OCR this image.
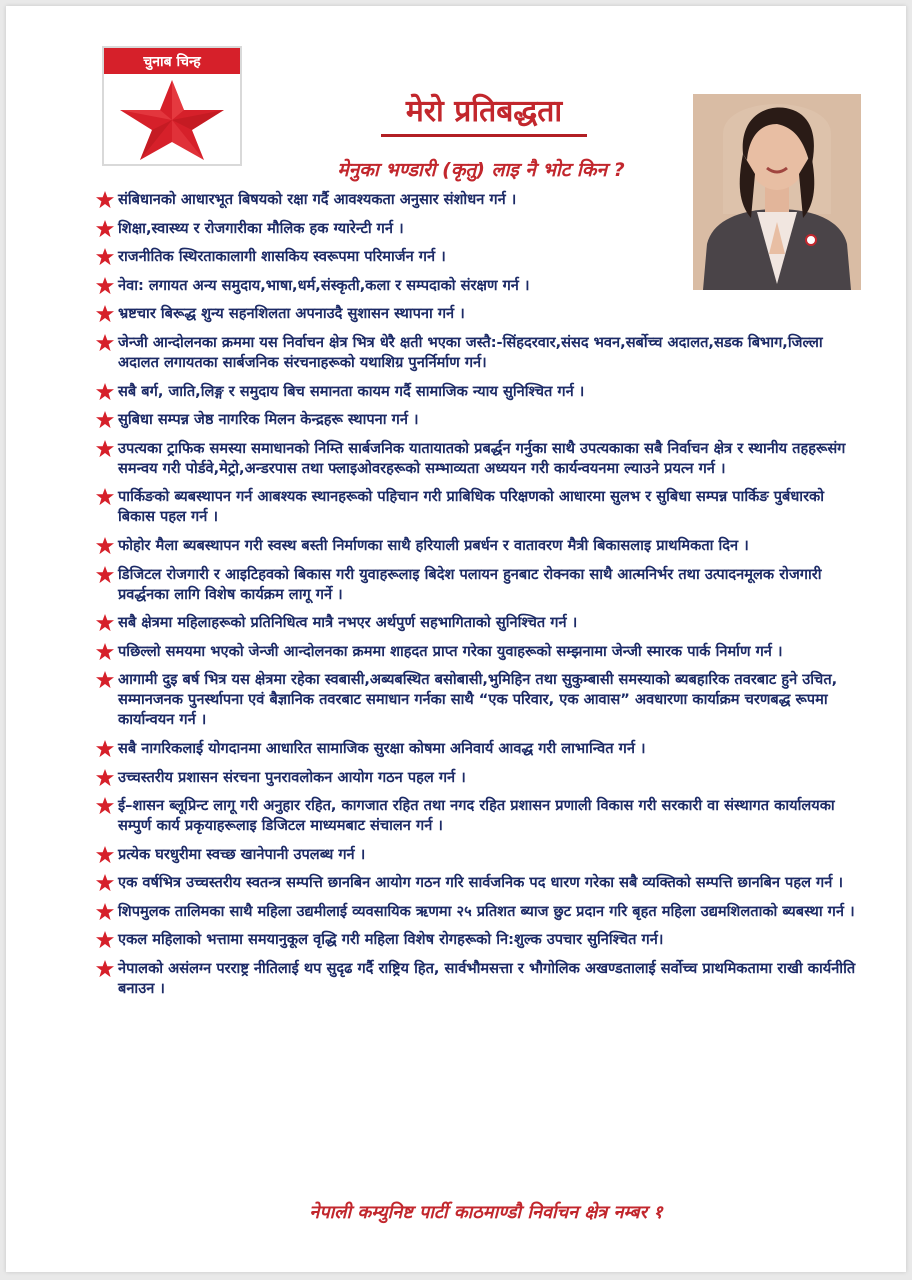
चुनाब चिन्ह
मेरो प्रतिबद्धता
मेनुका भण्डारी (कृतु) लाइ नै भोट किन ?
संबिधानको आधारभूत बिषयको रक्षा गर्दै आवश्यकता अनुसार संशोधन गर्न ।
शिक्षा,स्वास्थ्य र रोजगारीका मौलिक हक ग्यारेन्टी गर्न ।
राजनीतिक स्थिरताकालागी शासकिय स्वरूपमा परिमार्जन गर्न ।
नेवा: लगायत अन्य समुदाय,भाषा,धर्म,संस्कृती,कला र सम्पदाको संरक्षण गर्न ।
भ्रष्टचार बिरूद्ध शुन्य सहनशिलता अपनाउदै सुशासन स्थापना गर्न ।
जेन्जी आन्दोलनका क्रममा यस निर्वाचन क्षेत्र भित्र धेरै क्षती भएका जस्तै:-सिंहदरवार,संसद भवन,सर्बोच्च अदालत,सडक बिभाग,जिल्ला अदालत लगायतका सार्बजनिक संरचनाहरूको यथाशिग्र पुनर्निर्माण गर्न।
सबै बर्ग, जाति,लिङ्ग र समुदाय बिच समानता कायम गर्दै सामाजिक न्याय सुनिश्चित गर्न ।
सुबिधा सम्पन्न जेष्ठ नागरिक मिलन केन्द्रहरू स्थापना गर्न ।
उपत्यका ट्राफिक समस्या समाधानको निम्ति सार्बजनिक यातायातको प्रबर्द्धन गर्नुका साथै उपत्यकाका सबै निर्वाचन क्षेत्र र स्थानीय तहहरूसंग समन्वय गरी पोर्डवे,मेट्रो,अन्डरपास तथा फ्लाइओवरहरूको सम्भाव्यता अध्ययन गरी कार्यन्वयनमा ल्याउने प्रयत्न गर्न ।
पार्किङको ब्यबस्थापन गर्न आबश्यक स्थानहरूको पहिचान गरी प्राबिधिक परिक्षणको आधारमा सुलभ र सुबिधा सम्पन्न पार्किङ पुर्बधारको बिकास पहल गर्न ।
फोहोर मैला ब्यबस्थापन गरी स्वस्थ बस्ती निर्माणका साथै हरियाली प्रबर्धन र वातावरण मैत्री बिकासलाइ प्राथमिकता दिन ।
डिजिटल रोजगारी र आइटिहवको बिकास गरी युवाहरूलाइ बिदेश पलायन हुनबाट रोक्नका साथै आत्मनिर्भर तथा उत्पादनमूलक रोजगारी प्रवर्द्धनका लागि विशेष कार्यक्रम लागू गर्ने ।
सबै क्षेत्रमा महिलाहरूको प्रतिनिधित्व मात्रै नभएर अर्थपुर्ण सहभागिताको सुनिश्चित गर्न ।
पछिल्लो समयमा भएको जेन्जी आन्दोलनका क्रममा शाहदत प्राप्त गरेका युवाहरूको सम्झनामा जेन्जी स्मारक पार्क निर्माण गर्न ।
आगामी दुइ बर्ष भित्र यस क्षेत्रमा रहेका स्वबासी,अब्यबस्थित बसोबासी,भुमिहिन तथा सुकुम्बासी समस्याको ब्यबहारिक तवरबाट हुने उचित, सम्मानजनक पुनर्स्थापना एवं बैज्ञानिक तवरबाट समाधान गर्नका साथै “एक परिवार, एक आवास” अवधारणा कार्याक्रम चरणबद्ध रूपमा कार्यान्वयन गर्न ।
सबै नागरिकलाई योगदानमा आधारित सामाजिक सुरक्षा कोषमा अनिवार्य आवद्ध गरी लाभान्वित गर्न ।
उच्चस्तरीय प्रशासन संरचना पुनरावलोकन आयोग गठन पहल गर्न ।
ई–शासन ब्लूप्रिन्ट लागू गरी अनुहार रहित, कागजात रहित तथा नगद रहित प्रशासन प्रणाली विकास गरी सरकारी वा संस्थागत कार्यालयका सम्पुर्ण कार्य प्रकृयाहरूलाइ डिजिटल माध्यमबाट संचालन गर्न ।
प्रत्येक घरधुरीमा स्वच्छ खानेपानी उपलब्ध गर्न ।
एक वर्षभित्र उच्चस्तरीय स्वतन्त्र सम्पत्ति छानबिन आयोग गठन गरि सार्वजनिक पद धारण गरेका सबै व्यक्तिको सम्पत्ति छानबिन पहल गर्न ।
शिपमुलक तालिमका साथै महिला उद्यमीलाई व्यवसायिक ऋणमा २५ प्रतिशत ब्याज छुट प्रदान गरि बृहत महिला उद्यमशिलताको ब्यबस्था गर्न ।
एकल महिलाको भत्तामा समयानुकूल वृद्धि गरी महिला विशेष रोगहरूको नि:शुल्क उपचार सुनिश्चित गर्न।
नेपालको असंलग्न परराष्ट्र नीतिलाई थप सुदृढ गर्दै राष्ट्रिय हित, सार्वभौमसत्ता र भौगोलिक अखण्डतालाई सर्वोच्च प्राथमिकतामा राखी कार्यनीति बनाउन ।
नेपाली कम्युनिष्ट पार्टी काठमाण्डौ निर्वाचन क्षेत्र नम्बर १
